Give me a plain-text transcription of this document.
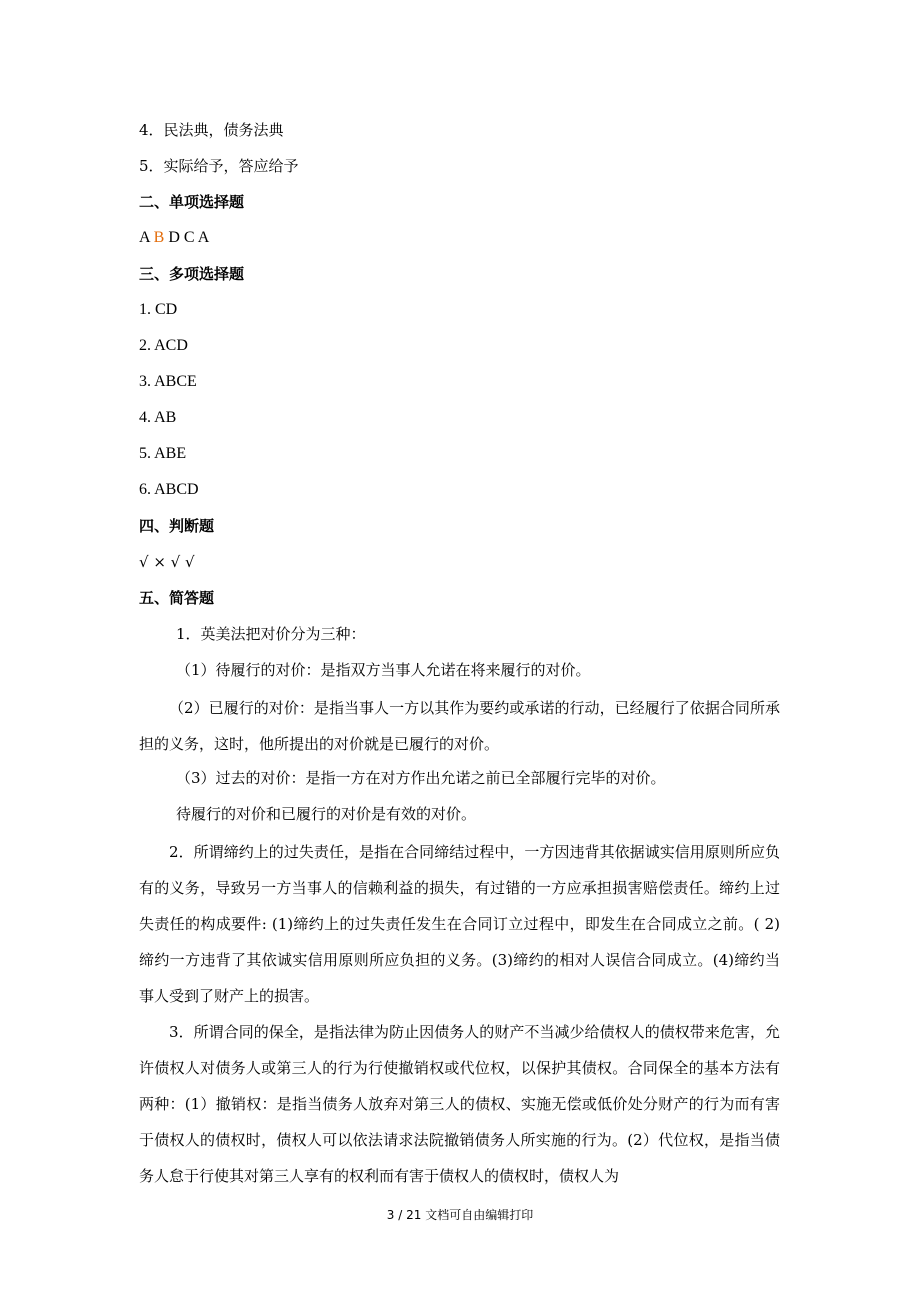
4．民法典，债务法典
5．实际给予，答应给予
二、单项选择题
A B D C A
三、多项选择题
1. CD
2. ACD
3. ABCE
4. AB
5. ABE
6. ABCD
四、判断题
√ × √ √
五、简答题
1．英美法把对价分为三种：
（1）待履行的对价：是指双方当事人允诺在将来履行的对价。
（2）已履行的对价：是指当事人一方以其作为要约或承诺的行动，已经履行了依据合同所承担的义务，这时，他所提出的对价就是已履行的对价。
（3）过去的对价：是指一方在对方作出允诺之前已全部履行完毕的对价。
待履行的对价和已履行的对价是有效的对价。
2．所谓缔约上的过失责任，是指在合同缔结过程中，一方因违背其依据诚实信用原则所应负有的义务，导致另一方当事人的信赖利益的损失，有过错的一方应承担损害赔偿责任。缔约上过失责任的构成要件: (1)缔约上的过失责任发生在合同订立过程中，即发生在合同成立之前。( 2)缔约一方违背了其依诚实信用原则所应负担的义务。(3)缔约的相对人误信合同成立。(4)缔约当事人受到了财产上的损害。
3．所谓合同的保全，是指法律为防止因债务人的财产不当减少给债权人的债权带来危害，允许债权人对债务人或第三人的行为行使撤销权或代位权，以保护其债权。合同保全的基本方法有两种：(1）撤销权：是指当债务人放弃对第三人的债权、实施无偿或低价处分财产的行为而有害于债权人的债权时，债权人可以依法请求法院撤销债务人所实施的行为。(2）代位权，是指当债务人怠于行使其对第三人享有的权利而有害于债权人的债权时，债权人为
3 / 21 文档可自由编辑打印
